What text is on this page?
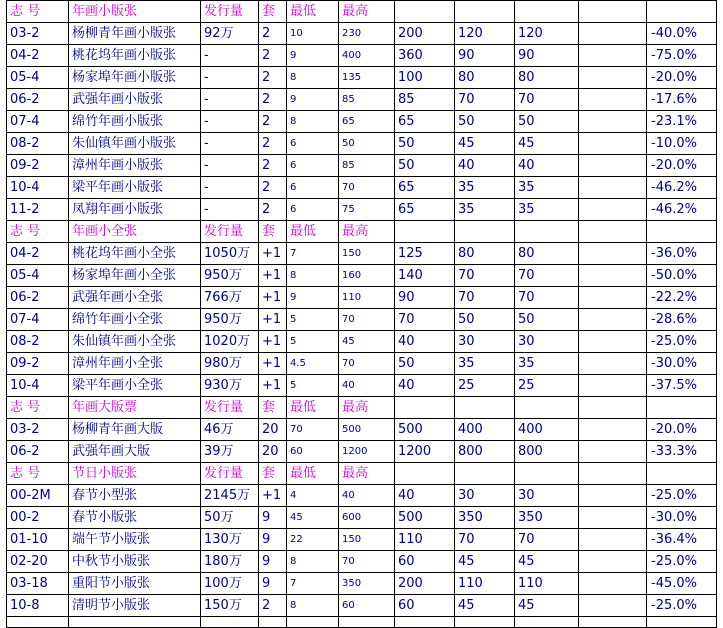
志 号	年画小版张	发行量	套	最低	最高					
03-2	杨柳青年画小版张	92万	2	10	230	200	120	120		-40.0%
04-2	桃花坞年画小版张	-	2	9	400	360	90	90		-75.0%
05-4	杨家埠年画小版张	-	2	8	135	100	80	80		-20.0%
06-2	武强年画小版张	-	2	9	85	85	70	70		-17.6%
07-4	绵竹年画小版张	-	2	8	65	65	50	50		-23.1%
08-2	朱仙镇年画小版张	-	2	6	50	50	45	45		-10.0%
09-2	漳州年画小版张	-	2	6	85	50	40	40		-20.0%
10-4	梁平年画小版张	-	2	6	70	65	35	35		-46.2%
11-2	凤翔年画小版张	-	2	6	75	65	35	35		-46.2%
志 号	年画小全张	发行量	套	最低	最高					
04-2	桃花坞年画小全张	1050万	+1	7	150	125	80	80		-36.0%
05-4	杨家埠年画小全张	950万	+1	8	160	140	70	70		-50.0%
06-2	武强年画小全张	766万	+1	9	110	90	70	70		-22.2%
07-4	绵竹年画小全张	950万	+1	5	70	70	50	50		-28.6%
08-2	朱仙镇年画小全张	1020万	+1	5	45	40	30	30		-25.0%
09-2	漳州年画小全张	980万	+1	4.5	70	50	35	35		-30.0%
10-4	梁平年画小全张	930万	+1	5	40	40	25	25		-37.5%
志 号	年画大版票	发行量	套	最低	最高					
03-2	杨柳青年画大版	46万	20	70	500	500	400	400		-20.0%
06-2	武强年画大版	39万	20	60	1200	1200	800	800		-33.3%
志 号	节日小版张	发行量	套	最低	最高					
00-2M	春节小型张	2145万	+1	4	40	40	30	30		-25.0%
00-2	春节小版张	50万	9	45	600	500	350	350		-30.0%
01-10	端午节小版张	130万	9	22	150	110	70	70		-36.4%
02-20	中秋节小版张	180万	9	8	70	60	45	45		-25.0%
03-18	重阳节小版张	100万	9	7	350	200	110	110		-45.0%
10-8	清明节小版张	150万	2	8	60	60	45	45		-25.0%
